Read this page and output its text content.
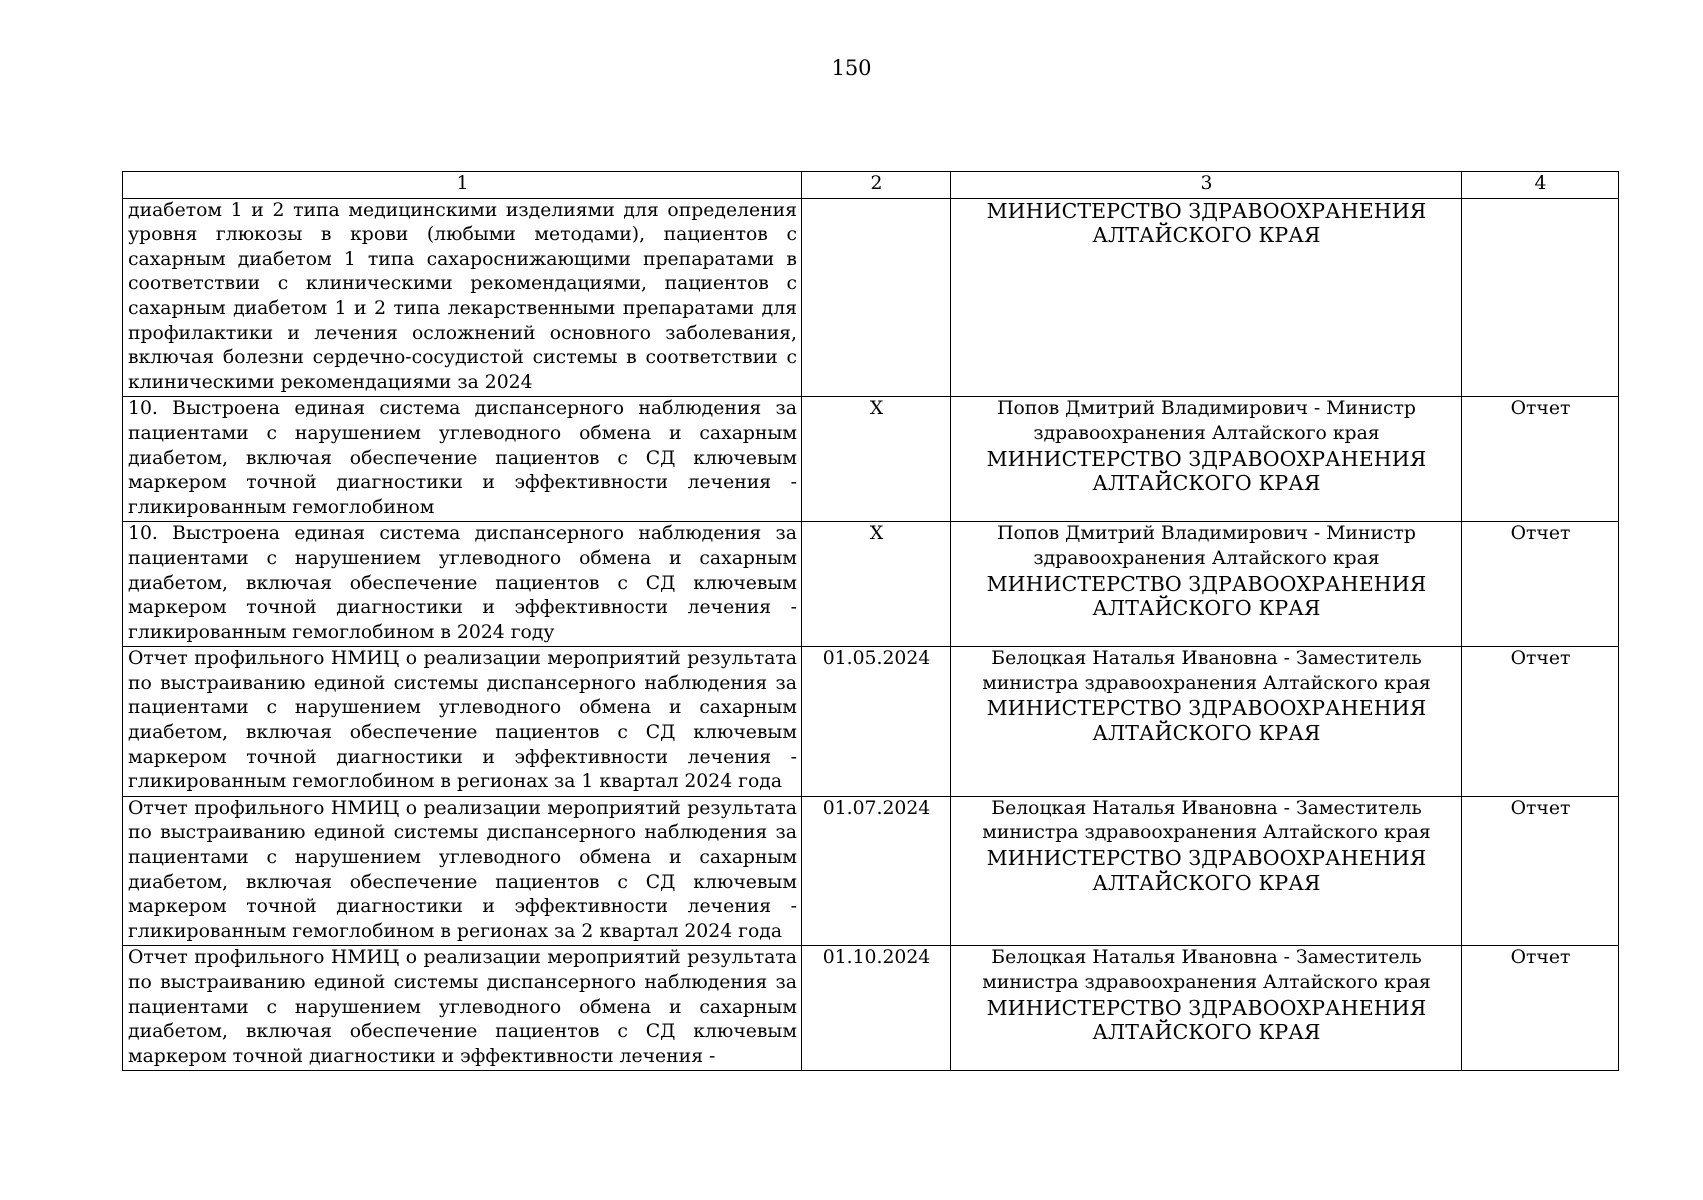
150
1	2	3	4
диабетом 1 и 2 типа медицинскими изделиями для определения уровня глюкозы в крови (любыми методами), пациентов с сахарным диабетом 1 типа сахароснижающими препаратами в соответствии с клиническими рекомендациями, пациентов с сахарным диабетом 1 и 2 типа лекарственными препаратами для профилактики и лечения осложнений основного заболевания, включая болезни сердечно-сосудистой системы в соответствии с клиническими рекомендациями за 2024		МИНИСТЕРСТВО ЗДРАВООХРАНЕНИЯ АЛТАЙСКОГО КРАЯ	

10. Выстроена единая система диспансерного наблюдения за пациентами с нарушением углеводного обмена и сахарным диабетом, включая обеспечение пациентов с СД ключевым маркером точной диагностики и эффективности лечения - гликированным гемоглобином	X	Попов Дмитрий Владимирович - Министр здравоохранения Алтайского края
МИНИСТЕРСТВО ЗДРАВООХРАНЕНИЯ АЛТАЙСКОГО КРАЯ	Отчет
10. Выстроена единая система диспансерного наблюдения за пациентами с нарушением углеводного обмена и сахарным диабетом, включая обеспечение пациентов с СД ключевым маркером точной диагностики и эффективности лечения - гликированным гемоглобином в 2024 году	X	Попов Дмитрий Владимирович - Министр здравоохранения Алтайского края
МИНИСТЕРСТВО ЗДРАВООХРАНЕНИЯ АЛТАЙСКОГО КРАЯ	Отчет
Отчет профильного НМИЦ о реализации мероприятий результата по выстраиванию единой системы диспансерного наблюдения за пациентами с нарушением углеводного обмена и сахарным диабетом, включая обеспечение пациентов с СД ключевым маркером точной диагностики и эффективности лечения - гликированным гемоглобином в регионах за 1 квартал 2024 года	01.05.2024	Белоцкая Наталья Ивановна - Заместитель министра здравоохранения Алтайского края
МИНИСТЕРСТВО ЗДРАВООХРАНЕНИЯ АЛТАЙСКОГО КРАЯ	Отчет
Отчет профильного НМИЦ о реализации мероприятий результата по выстраиванию единой системы диспансерного наблюдения за пациентами с нарушением углеводного обмена и сахарным диабетом, включая обеспечение пациентов с СД ключевым маркером точной диагностики и эффективности лечения - гликированным гемоглобином в регионах за 2 квартал 2024 года	01.07.2024	Белоцкая Наталья Ивановна - Заместитель министра здравоохранения Алтайского края
МИНИСТЕРСТВО ЗДРАВООХРАНЕНИЯ АЛТАЙСКОГО КРАЯ	Отчет
Отчет профильного НМИЦ о реализации мероприятий результата по выстраиванию единой системы диспансерного наблюдения за пациентами с нарушением углеводного обмена и сахарным диабетом, включая обеспечение пациентов с СД ключевым маркером точной диагностики и эффективности лечения -	01.10.2024	Белоцкая Наталья Ивановна - Заместитель министра здравоохранения Алтайского края
МИНИСТЕРСТВО ЗДРАВООХРАНЕНИЯ АЛТАЙСКОГО КРАЯ	Отчет
